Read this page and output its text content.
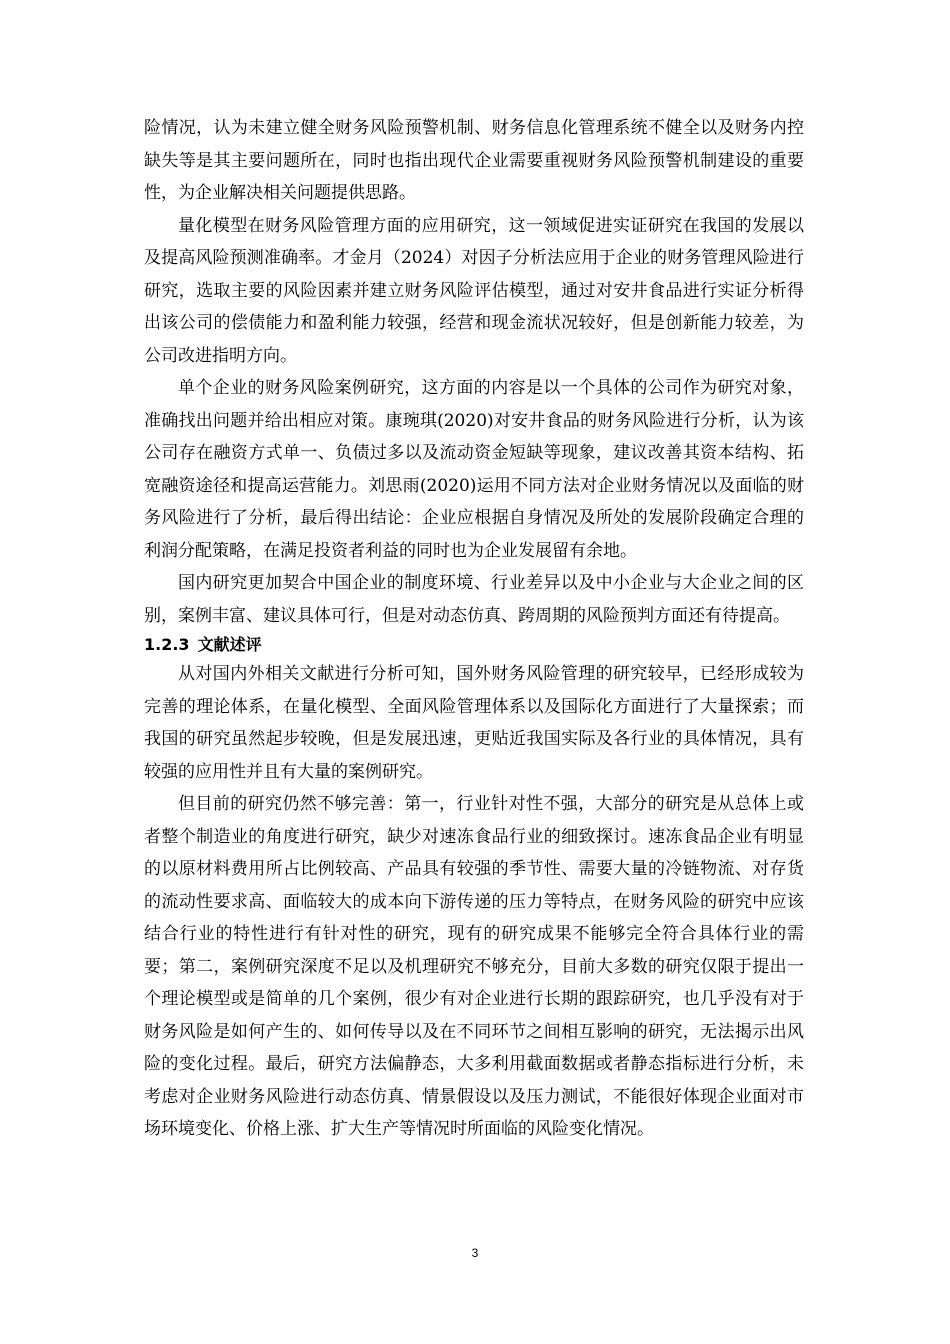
险情况，认为未建立健全财务风险预警机制、财务信息化管理系统不健全以及财务内控缺失等是其主要问题所在，同时也指出现代企业需要重视财务风险预警机制建设的重要性，为企业解决相关问题提供思路。

量化模型在财务风险管理方面的应用研究，这一领域促进实证研究在我国的发展以及提高风险预测准确率。才金月（2024）对因子分析法应用于企业的财务管理风险进行研究，选取主要的风险因素并建立财务风险评估模型，通过对安井食品进行实证分析得出该公司的偿债能力和盈利能力较强，经营和现金流状况较好，但是创新能力较差，为公司改进指明方向。

单个企业的财务风险案例研究，这方面的内容是以一个具体的公司作为研究对象，准确找出问题并给出相应对策。康琬琪(2020)对安井食品的财务风险进行分析，认为该公司存在融资方式单一、负债过多以及流动资金短缺等现象，建议改善其资本结构、拓宽融资途径和提高运营能力。刘思雨(2020)运用不同方法对企业财务情况以及面临的财务风险进行了分析，最后得出结论：企业应根据自身情况及所处的发展阶段确定合理的利润分配策略，在满足投资者利益的同时也为企业发展留有余地。

国内研究更加契合中国企业的制度环境、行业差异以及中小企业与大企业之间的区别，案例丰富、建议具体可行，但是对动态仿真、跨周期的风险预判方面还有待提高。

1.2.3 文献述评

从对国内外相关文献进行分析可知，国外财务风险管理的研究较早，已经形成较为完善的理论体系，在量化模型、全面风险管理体系以及国际化方面进行了大量探索；而我国的研究虽然起步较晚，但是发展迅速，更贴近我国实际及各行业的具体情况，具有较强的应用性并且有大量的案例研究。

但目前的研究仍然不够完善：第一，行业针对性不强，大部分的研究是从总体上或者整个制造业的角度进行研究，缺少对速冻食品行业的细致探讨。速冻食品企业有明显的以原材料费用所占比例较高、产品具有较强的季节性、需要大量的冷链物流、对存货的流动性要求高、面临较大的成本向下游传递的压力等特点，在财务风险的研究中应该结合行业的特性进行有针对性的研究，现有的研究成果不能够完全符合具体行业的需要；第二，案例研究深度不足以及机理研究不够充分，目前大多数的研究仅限于提出一个理论模型或是简单的几个案例，很少有对企业进行长期的跟踪研究，也几乎没有对于财务风险是如何产生的、如何传导以及在不同环节之间相互影响的研究，无法揭示出风险的变化过程。最后，研究方法偏静态，大多利用截面数据或者静态指标进行分析，未考虑对企业财务风险进行动态仿真、情景假设以及压力测试，不能很好体现企业面对市场环境变化、价格上涨、扩大生产等情况时所面临的风险变化情况。

3
